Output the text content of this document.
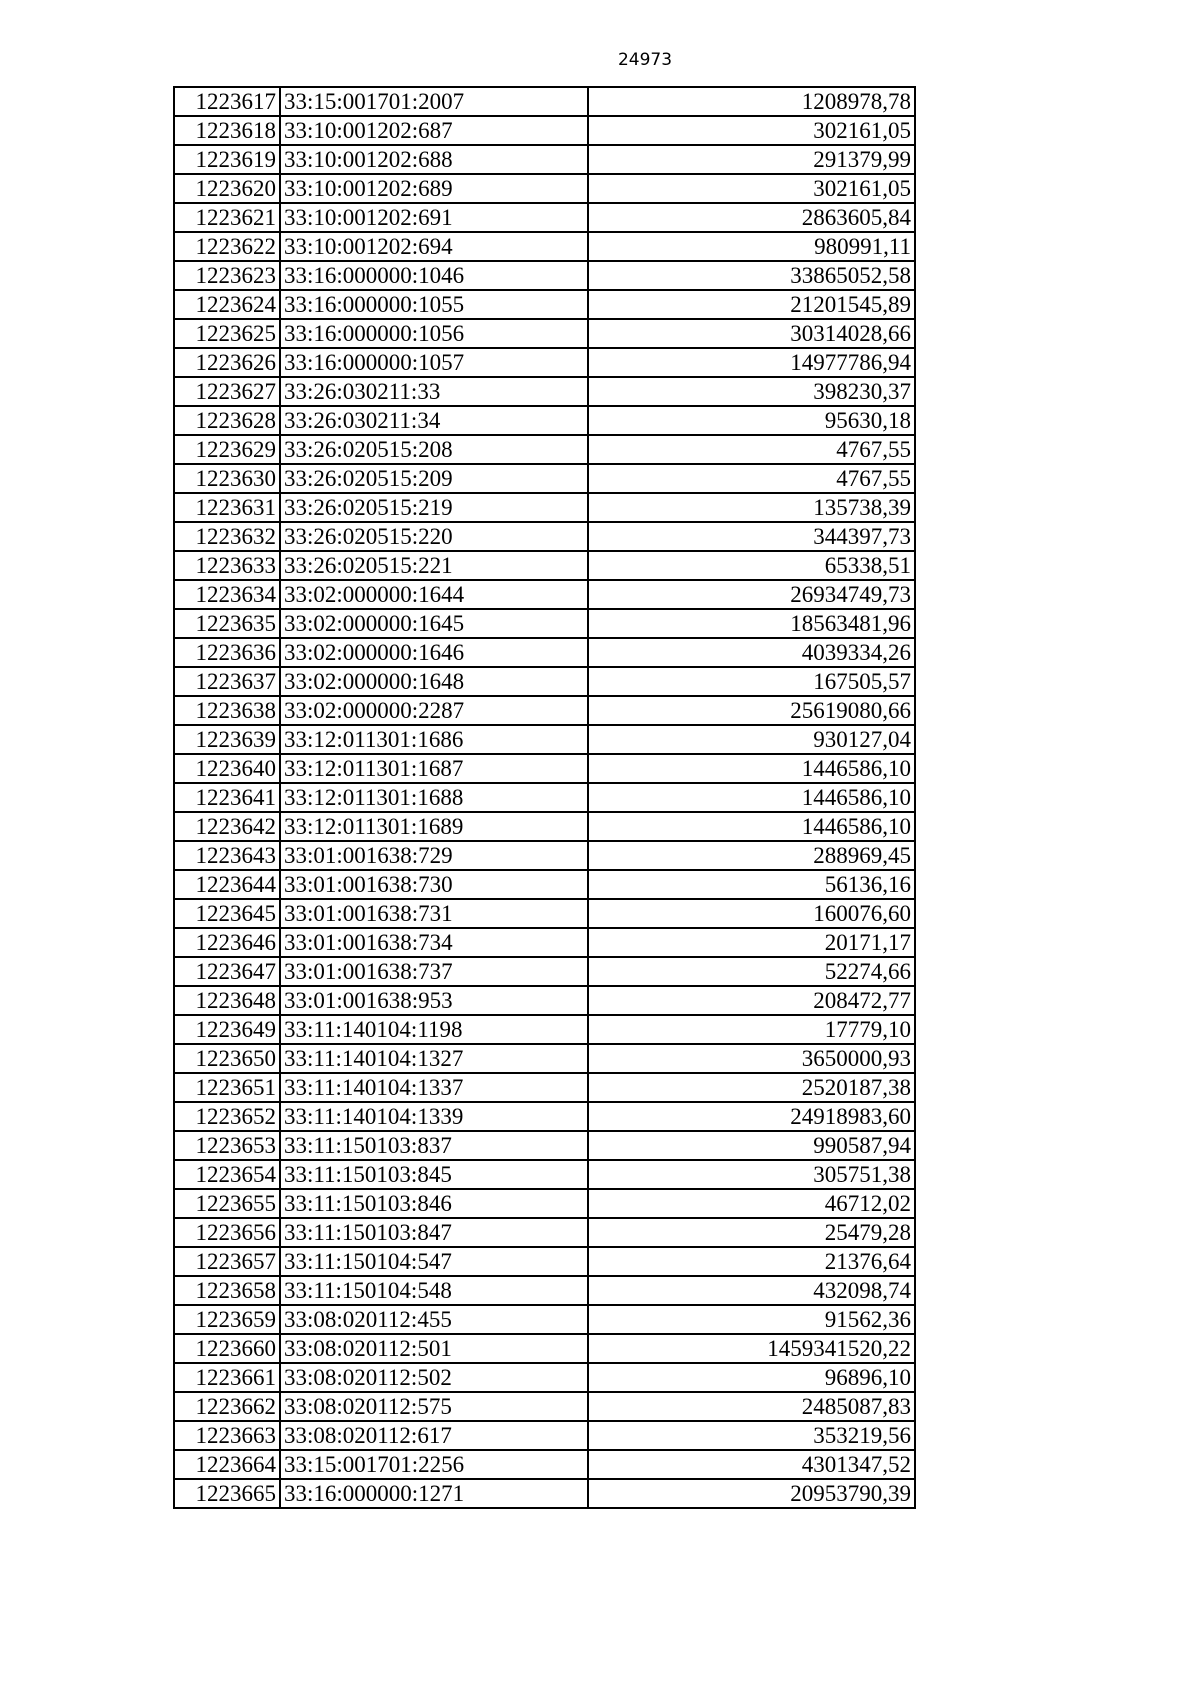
24973
1223617	33:15:001701:2007	1208978,78
1223618	33:10:001202:687	302161,05
1223619	33:10:001202:688	291379,99
1223620	33:10:001202:689	302161,05
1223621	33:10:001202:691	2863605,84
1223622	33:10:001202:694	980991,11
1223623	33:16:000000:1046	33865052,58
1223624	33:16:000000:1055	21201545,89
1223625	33:16:000000:1056	30314028,66
1223626	33:16:000000:1057	14977786,94
1223627	33:26:030211:33	398230,37
1223628	33:26:030211:34	95630,18
1223629	33:26:020515:208	4767,55
1223630	33:26:020515:209	4767,55
1223631	33:26:020515:219	135738,39
1223632	33:26:020515:220	344397,73
1223633	33:26:020515:221	65338,51
1223634	33:02:000000:1644	26934749,73
1223635	33:02:000000:1645	18563481,96
1223636	33:02:000000:1646	4039334,26
1223637	33:02:000000:1648	167505,57
1223638	33:02:000000:2287	25619080,66
1223639	33:12:011301:1686	930127,04
1223640	33:12:011301:1687	1446586,10
1223641	33:12:011301:1688	1446586,10
1223642	33:12:011301:1689	1446586,10
1223643	33:01:001638:729	288969,45
1223644	33:01:001638:730	56136,16
1223645	33:01:001638:731	160076,60
1223646	33:01:001638:734	20171,17
1223647	33:01:001638:737	52274,66
1223648	33:01:001638:953	208472,77
1223649	33:11:140104:1198	17779,10
1223650	33:11:140104:1327	3650000,93
1223651	33:11:140104:1337	2520187,38
1223652	33:11:140104:1339	24918983,60
1223653	33:11:150103:837	990587,94
1223654	33:11:150103:845	305751,38
1223655	33:11:150103:846	46712,02
1223656	33:11:150103:847	25479,28
1223657	33:11:150104:547	21376,64
1223658	33:11:150104:548	432098,74
1223659	33:08:020112:455	91562,36
1223660	33:08:020112:501	1459341520,22
1223661	33:08:020112:502	96896,10
1223662	33:08:020112:575	2485087,83
1223663	33:08:020112:617	353219,56
1223664	33:15:001701:2256	4301347,52
1223665	33:16:000000:1271	20953790,39
